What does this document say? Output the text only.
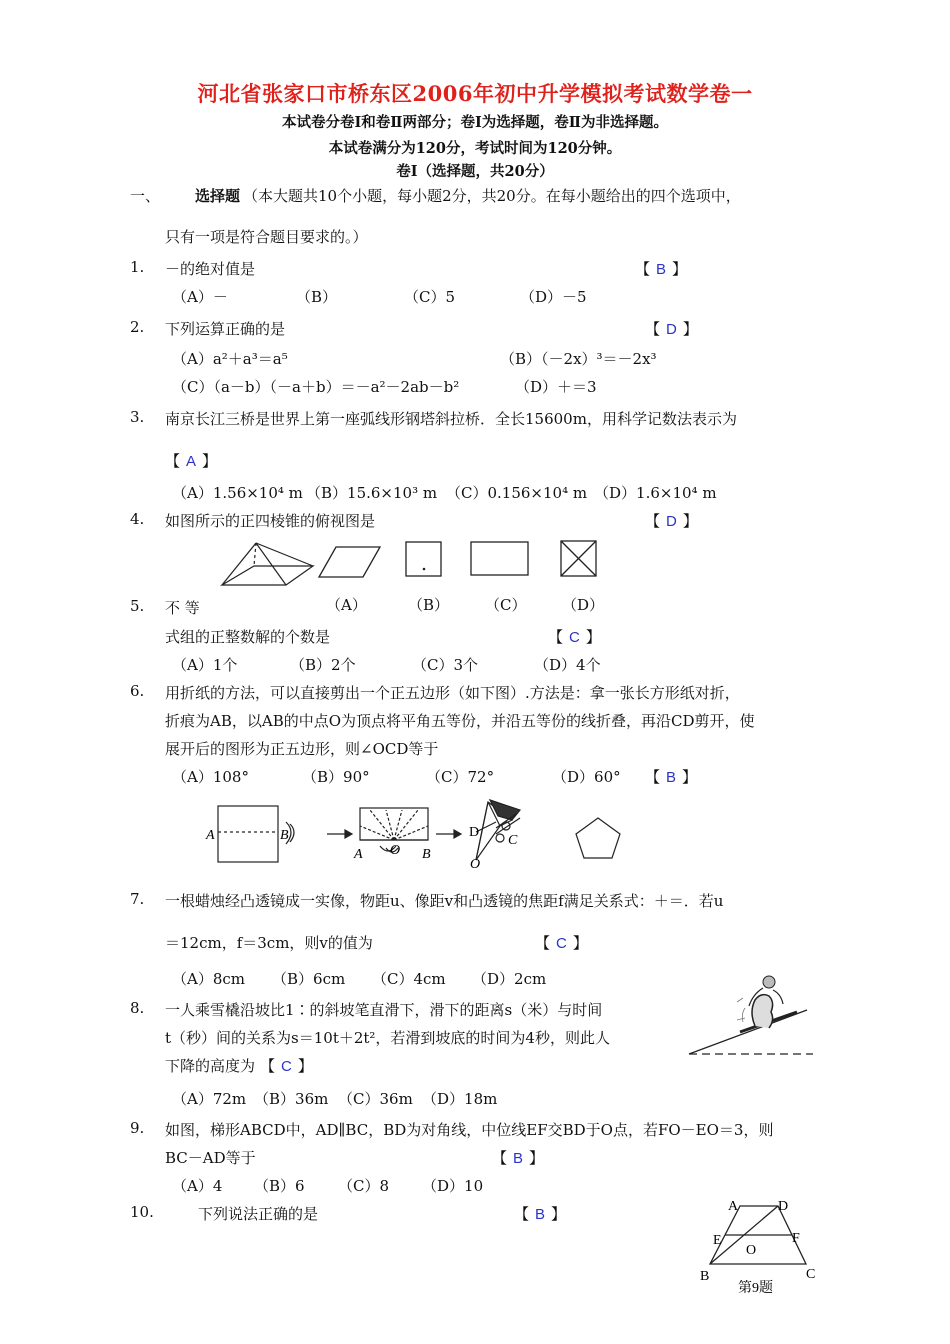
河北省张家口市桥东区2006年初中升学模拟考试数学卷一
本试卷分卷Ⅰ和卷Ⅱ两部分；卷Ⅰ为选择题，卷Ⅱ为非选择题。
本试卷满分为120分，考试时间为120分钟。
卷Ⅰ（选择题，共20分）
一、 选择题 （本大题共10个小题，每小题2分，共20分。在每小题给出的四个选项中，
只有一项是符合题目要求的。）
1. －的绝对值是	【 B 】
（A）－	（B）	（C）5	（D）－5
2. 下列运算正确的是	【 D 】
（A）a²＋a³＝a⁵	（B）（－2x）³＝－2x³
（C）（a－b）（－a＋b）＝－a²－2ab－b²	（D）＋＝3
3. 南京长江三桥是世界上第一座弧线形钢塔斜拉桥．全长15600m，用科学记数法表示为
【 A 】
（A）1.56×10⁴ m （B）15.6×10³ m （C）0.156×10⁴ m （D）1.6×10⁴ m
4. 如图所示的正四棱锥的俯视图是	【 D 】
5. 不 等	（A）	（B） （C） （D）
式组的正整数解的个数是	【 C 】
（A）1个	（B）2个	（C）3个	（D）4个
6. 用折纸的方法，可以直接剪出一个正五边形（如下图）.方法是：拿一张长方形纸对折，
折痕为AB，以AB的中点O为顶点将平角五等份，并沿五等份的线折叠，再沿CD剪开，使
展开后的图形为正五边形，则∠OCD等于
（A）108°	（B）90°	（C）72°	（D）60° 【 B 】
A	B
A	B
O
D
C
O
7. 一根蜡烛经凸透镜成一实像，物距u、像距v和凸透镜的焦距f满足关系式：＋＝．若u
＝12cm，f＝3cm，则v的值为	【 C 】
（A）8cm （B）6cm （C）4cm （D）2cm
8. 一人乘雪橇沿坡比1∶的斜坡笔直滑下，滑下的距离s（米）与时间
t（秒）间的关系为s＝10t＋2t²，若滑到坡底的时间为4秒，则此人
下降的高度为 【 C 】
（A）72m （B）36m （C）36m （D）18m
9. 如图，梯形ABCD中，AD∥BC，BD为对角线，中位线EF交BD于O点，若FO－EO＝3，则
BC－AD等于	【 B 】
（A）4 （B）6 （C）8 （D）10
10.	下列说法正确的是	【 B 】	A	D
E	F
O
B	C
第9题
